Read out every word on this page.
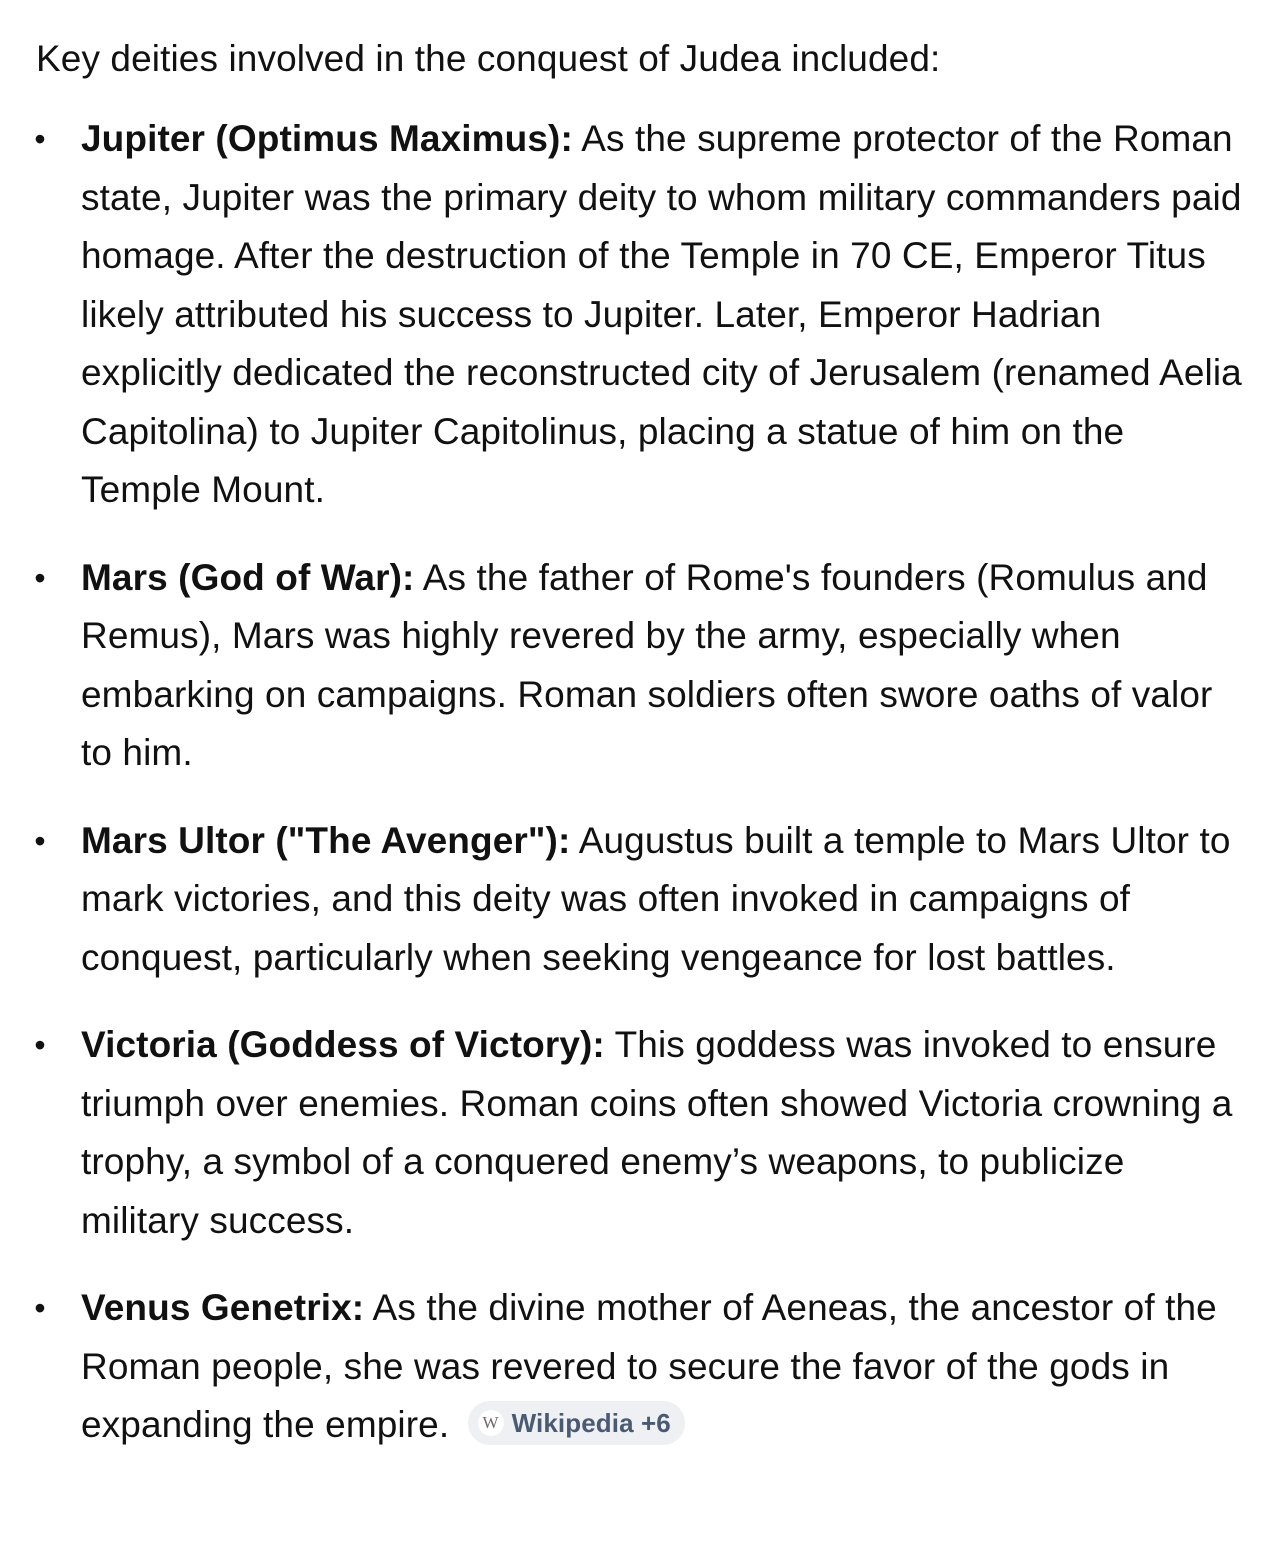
Key deities involved in the conquest of Judea included:

• Jupiter (Optimus Maximus): As the supreme protector of the Roman state, Jupiter was the primary deity to whom military commanders paid homage. After the destruction of the Temple in 70 CE, Emperor Titus likely attributed his success to Jupiter. Later, Emperor Hadrian explicitly dedicated the reconstructed city of Jerusalem (renamed Aelia Capitolina) to Jupiter Capitolinus, placing a statue of him on the Temple Mount.
• Mars (God of War): As the father of Rome's founders (Romulus and Remus), Mars was highly revered by the army, especially when embarking on campaigns. Roman soldiers often swore oaths of valor to him.
• Mars Ultor ("The Avenger"): Augustus built a temple to Mars Ultor to mark victories, and this deity was often invoked in campaigns of conquest, particularly when seeking vengeance for lost battles.
• Victoria (Goddess of Victory): This goddess was invoked to ensure triumph over enemies. Roman coins often showed Victoria crowning a trophy, a symbol of a conquered enemy’s weapons, to publicize military success.
• Venus Genetrix: As the divine mother of Aeneas, the ancestor of the Roman people, she was revered to secure the favor of the gods in expanding the empire. W Wikipedia +6
